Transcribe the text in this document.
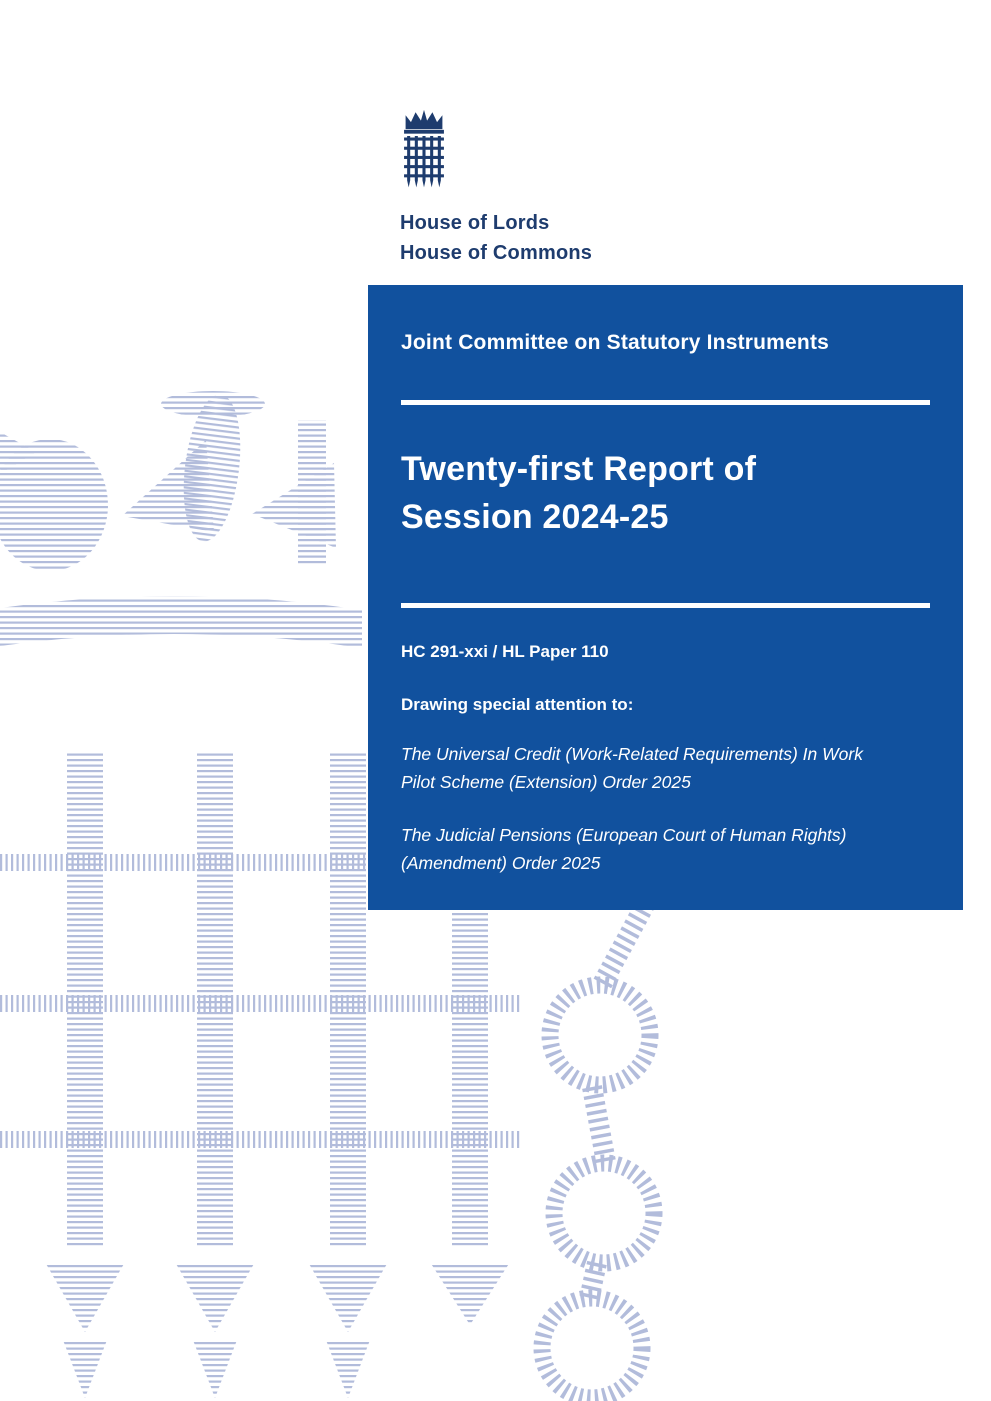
House of Lords
House of Commons
Joint Committee on Statutory Instruments
Twenty-first Report of
Session 2024-25

HC 291-xxi / HL Paper 110

Drawing special attention to:

The Universal Credit (Work-Related Requirements) In Work Pilot Scheme (Extension) Order 2025

The Judicial Pensions (European Court of Human Rights) (Amendment) Order 2025
